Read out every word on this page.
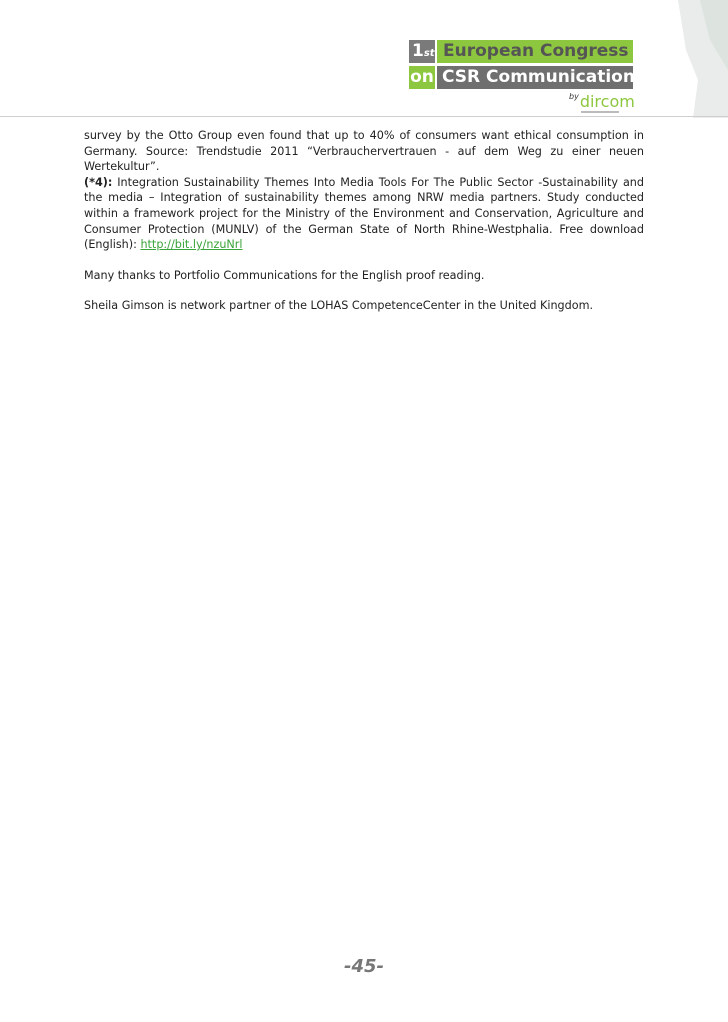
1st European Congress
on CSR Communication
$^{by}$dircom

survey by the Otto Group even found that up to 40% of consumers want ethical consumption in Germany. Source: Trendstudie 2011 “Verbrauchervertrauen - auf dem Weg zu einer neuen Wertekultur”.

(*4): Integration Sustainability Themes Into Media Tools For The Public Sector -Sustainability and the media – Integration of sustainability themes among NRW media partners. Study conducted within a framework project for the Ministry of the Environment and Conservation, Agriculture and Consumer Protection (MUNLV) of the German State of North Rhine-Westphalia. Free download (English): http://bit.ly/nzuNrl

Many thanks to Portfolio Communications for the English proof reading.

Sheila Gimson is network partner of the LOHAS CompetenceCenter in the United Kingdom.

-45-
